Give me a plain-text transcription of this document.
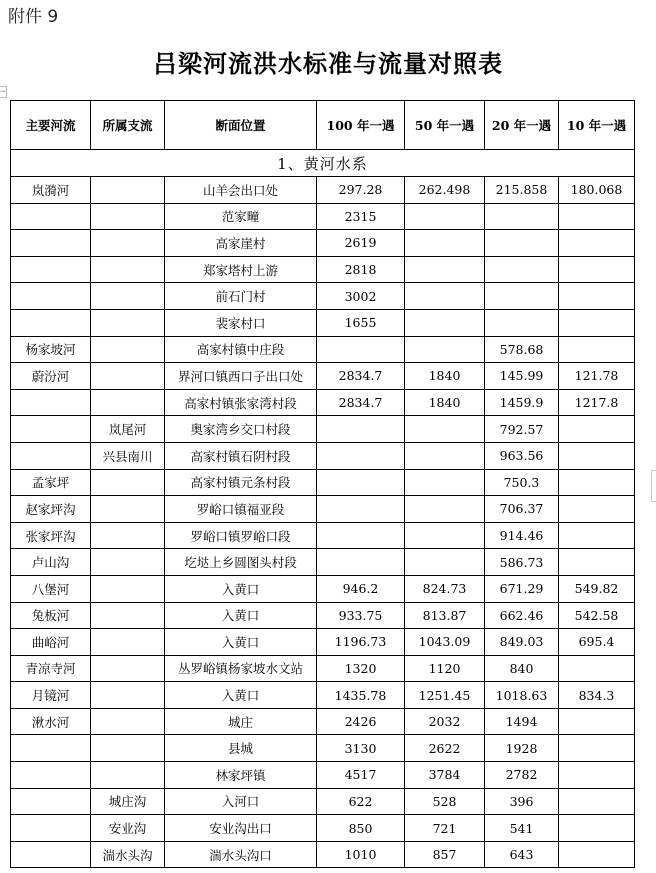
附件 9
吕梁河流洪水标准与流量对照表
→
主要河流	所属支流	断面位置	100 年一遇	50 年一遇	20 年一遇	10 年一遇
1、黄河水系						
岚漪河		山羊会出口处	297.28	262.498	215.858	180.068
		范家疃	2315			
		高家崖村	2619			
		郑家塔村上游	2818			
		前石门村	3002			
		裴家村口	1655			
杨家坡河		高家村镇中庄段			578.68	
蔚汾河		界河口镇西口子出口处	2834.7	1840	145.99	121.78
		高家村镇张家湾村段	2834.7	1840	1459.9	1217.8
	岚尾河	奥家湾乡交口村段			792.57	
	兴县南川	高家村镇石阴村段			963.56	
孟家坪		高家村镇元条村段			750.3	
赵家坪沟		罗峪口镇福亚段			706.37	
张家坪沟		罗峪口镇罗峪口段			914.46	
卢山沟		圪垯上乡圆图头村段			586.73	
八堡河		入黄口	946.2	824.73	671.29	549.82
兔板河		入黄口	933.75	813.87	662.46	542.58
曲峪河		入黄口	1196.73	1043.09	849.03	695.4
青凉寺河		丛罗峪镇杨家坡水文站	1320	1120	840	
月镜河		入黄口	1435.78	1251.45	1018.63	834.3
湫水河		城庄	2426	2032	1494	
		县城	3130	2622	1928	
		林家坪镇	4517	3784	2782	
	城庄沟	入河口	622	528	396	
	安业沟	安业沟出口	850	721	541	
	湍水头沟	湍水头沟口	1010	857	643	
